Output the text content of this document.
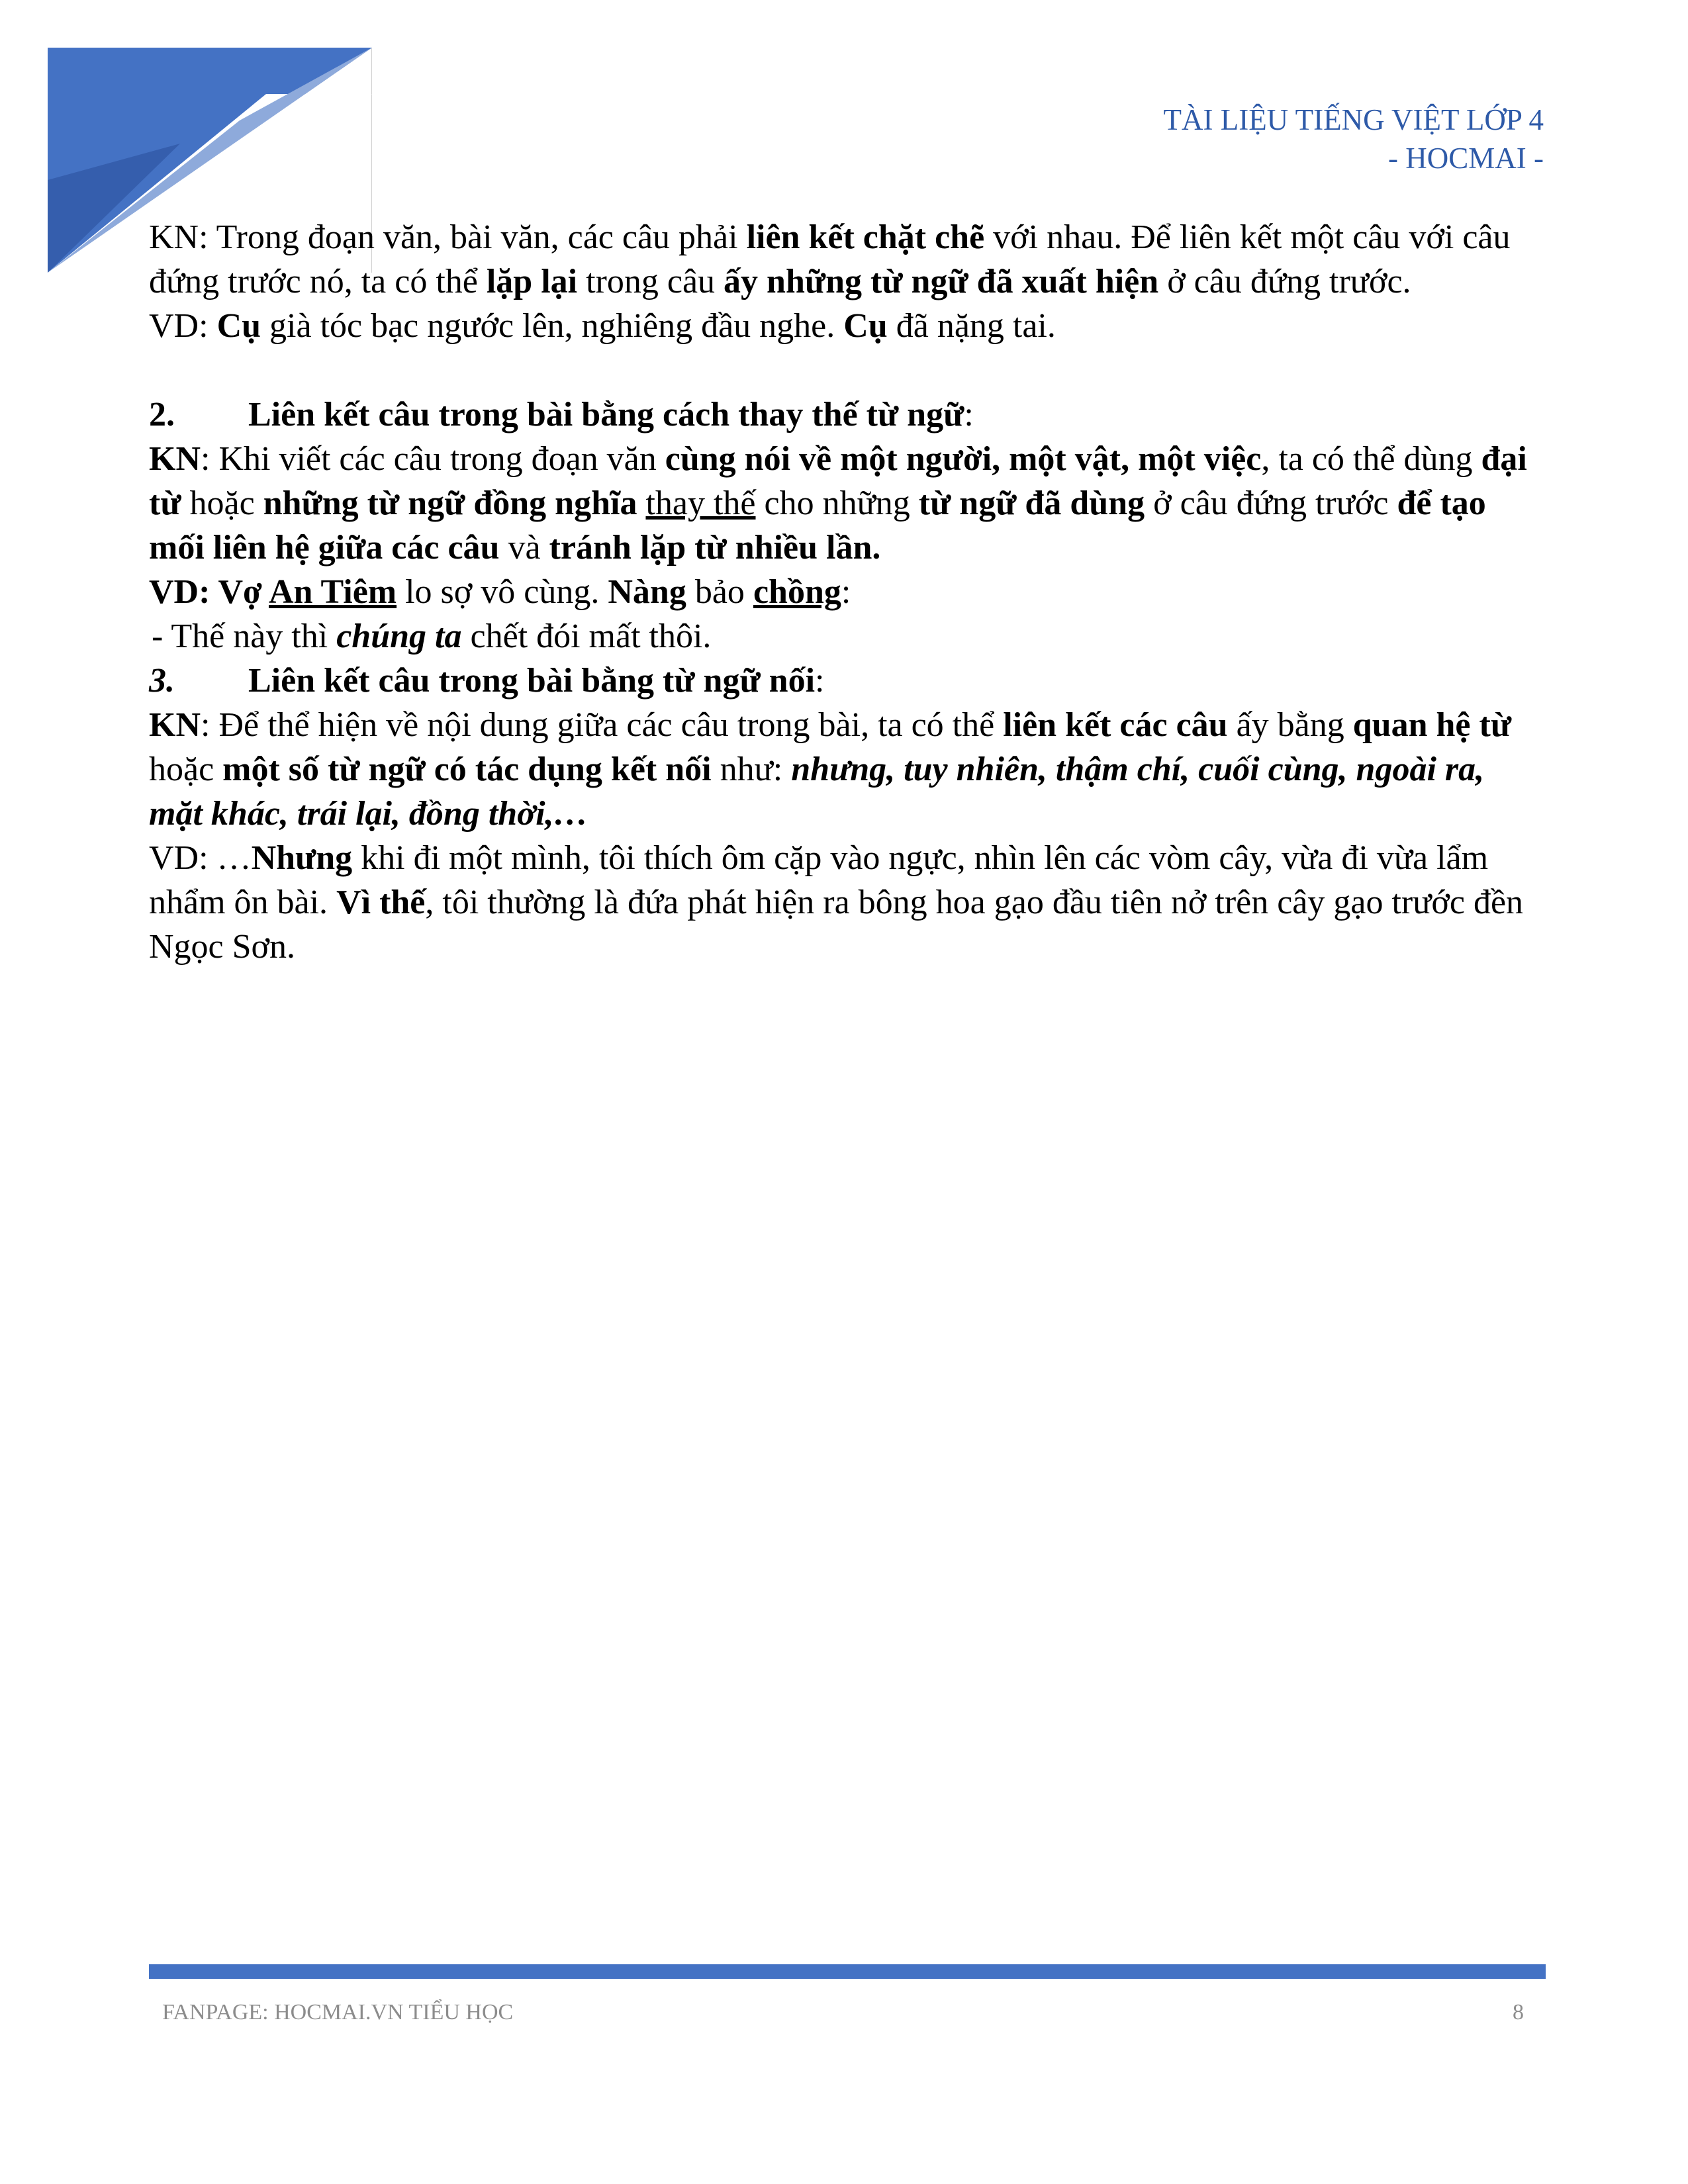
TÀI LIỆU TIẾNG VIỆT LỚP 4
- HOCMAI -

KN: Trong đoạn văn, bài văn, các câu phải liên kết chặt chẽ với nhau. Để liên kết một câu với câu đứng trước nó, ta có thể lặp lại trong câu ấy những từ ngữ đã xuất hiện ở câu đứng trước.

VD: Cụ già tóc bạc ngước lên, nghiêng đầu nghe. Cụ đã nặng tai.

2. Liên kết câu trong bài bằng cách thay thế từ ngữ:

KN: Khi viết các câu trong đoạn văn cùng nói về một người, một vật, một việc, ta có thể dùng đại từ hoặc những từ ngữ đồng nghĩa thay thế cho những từ ngữ đã dùng ở câu đứng trước để tạo mối liên hệ giữa các câu và tránh lặp từ nhiều lần.

VD: Vợ An Tiêm lo sợ vô cùng. Nàng bảo chồng:

- Thế này thì chúng ta chết đói mất thôi.

3. Liên kết câu trong bài bằng từ ngữ nối:

KN: Để thể hiện về nội dung giữa các câu trong bài, ta có thể liên kết các câu ấy bằng quan hệ từ hoặc một số từ ngữ có tác dụng kết nối như: nhưng, tuy nhiên, thậm chí, cuối cùng, ngoài ra, mặt khác, trái lại, đồng thời,…

VD: …Nhưng khi đi một mình, tôi thích ôm cặp vào ngực, nhìn lên các vòm cây, vừa đi vừa lẩm nhẩm ôn bài. Vì thế, tôi thường là đứa phát hiện ra bông hoa gạo đầu tiên nở trên cây gạo trước đền Ngọc Sơn.

FANPAGE: HOCMAI.VN TIỂU HỌC	8
